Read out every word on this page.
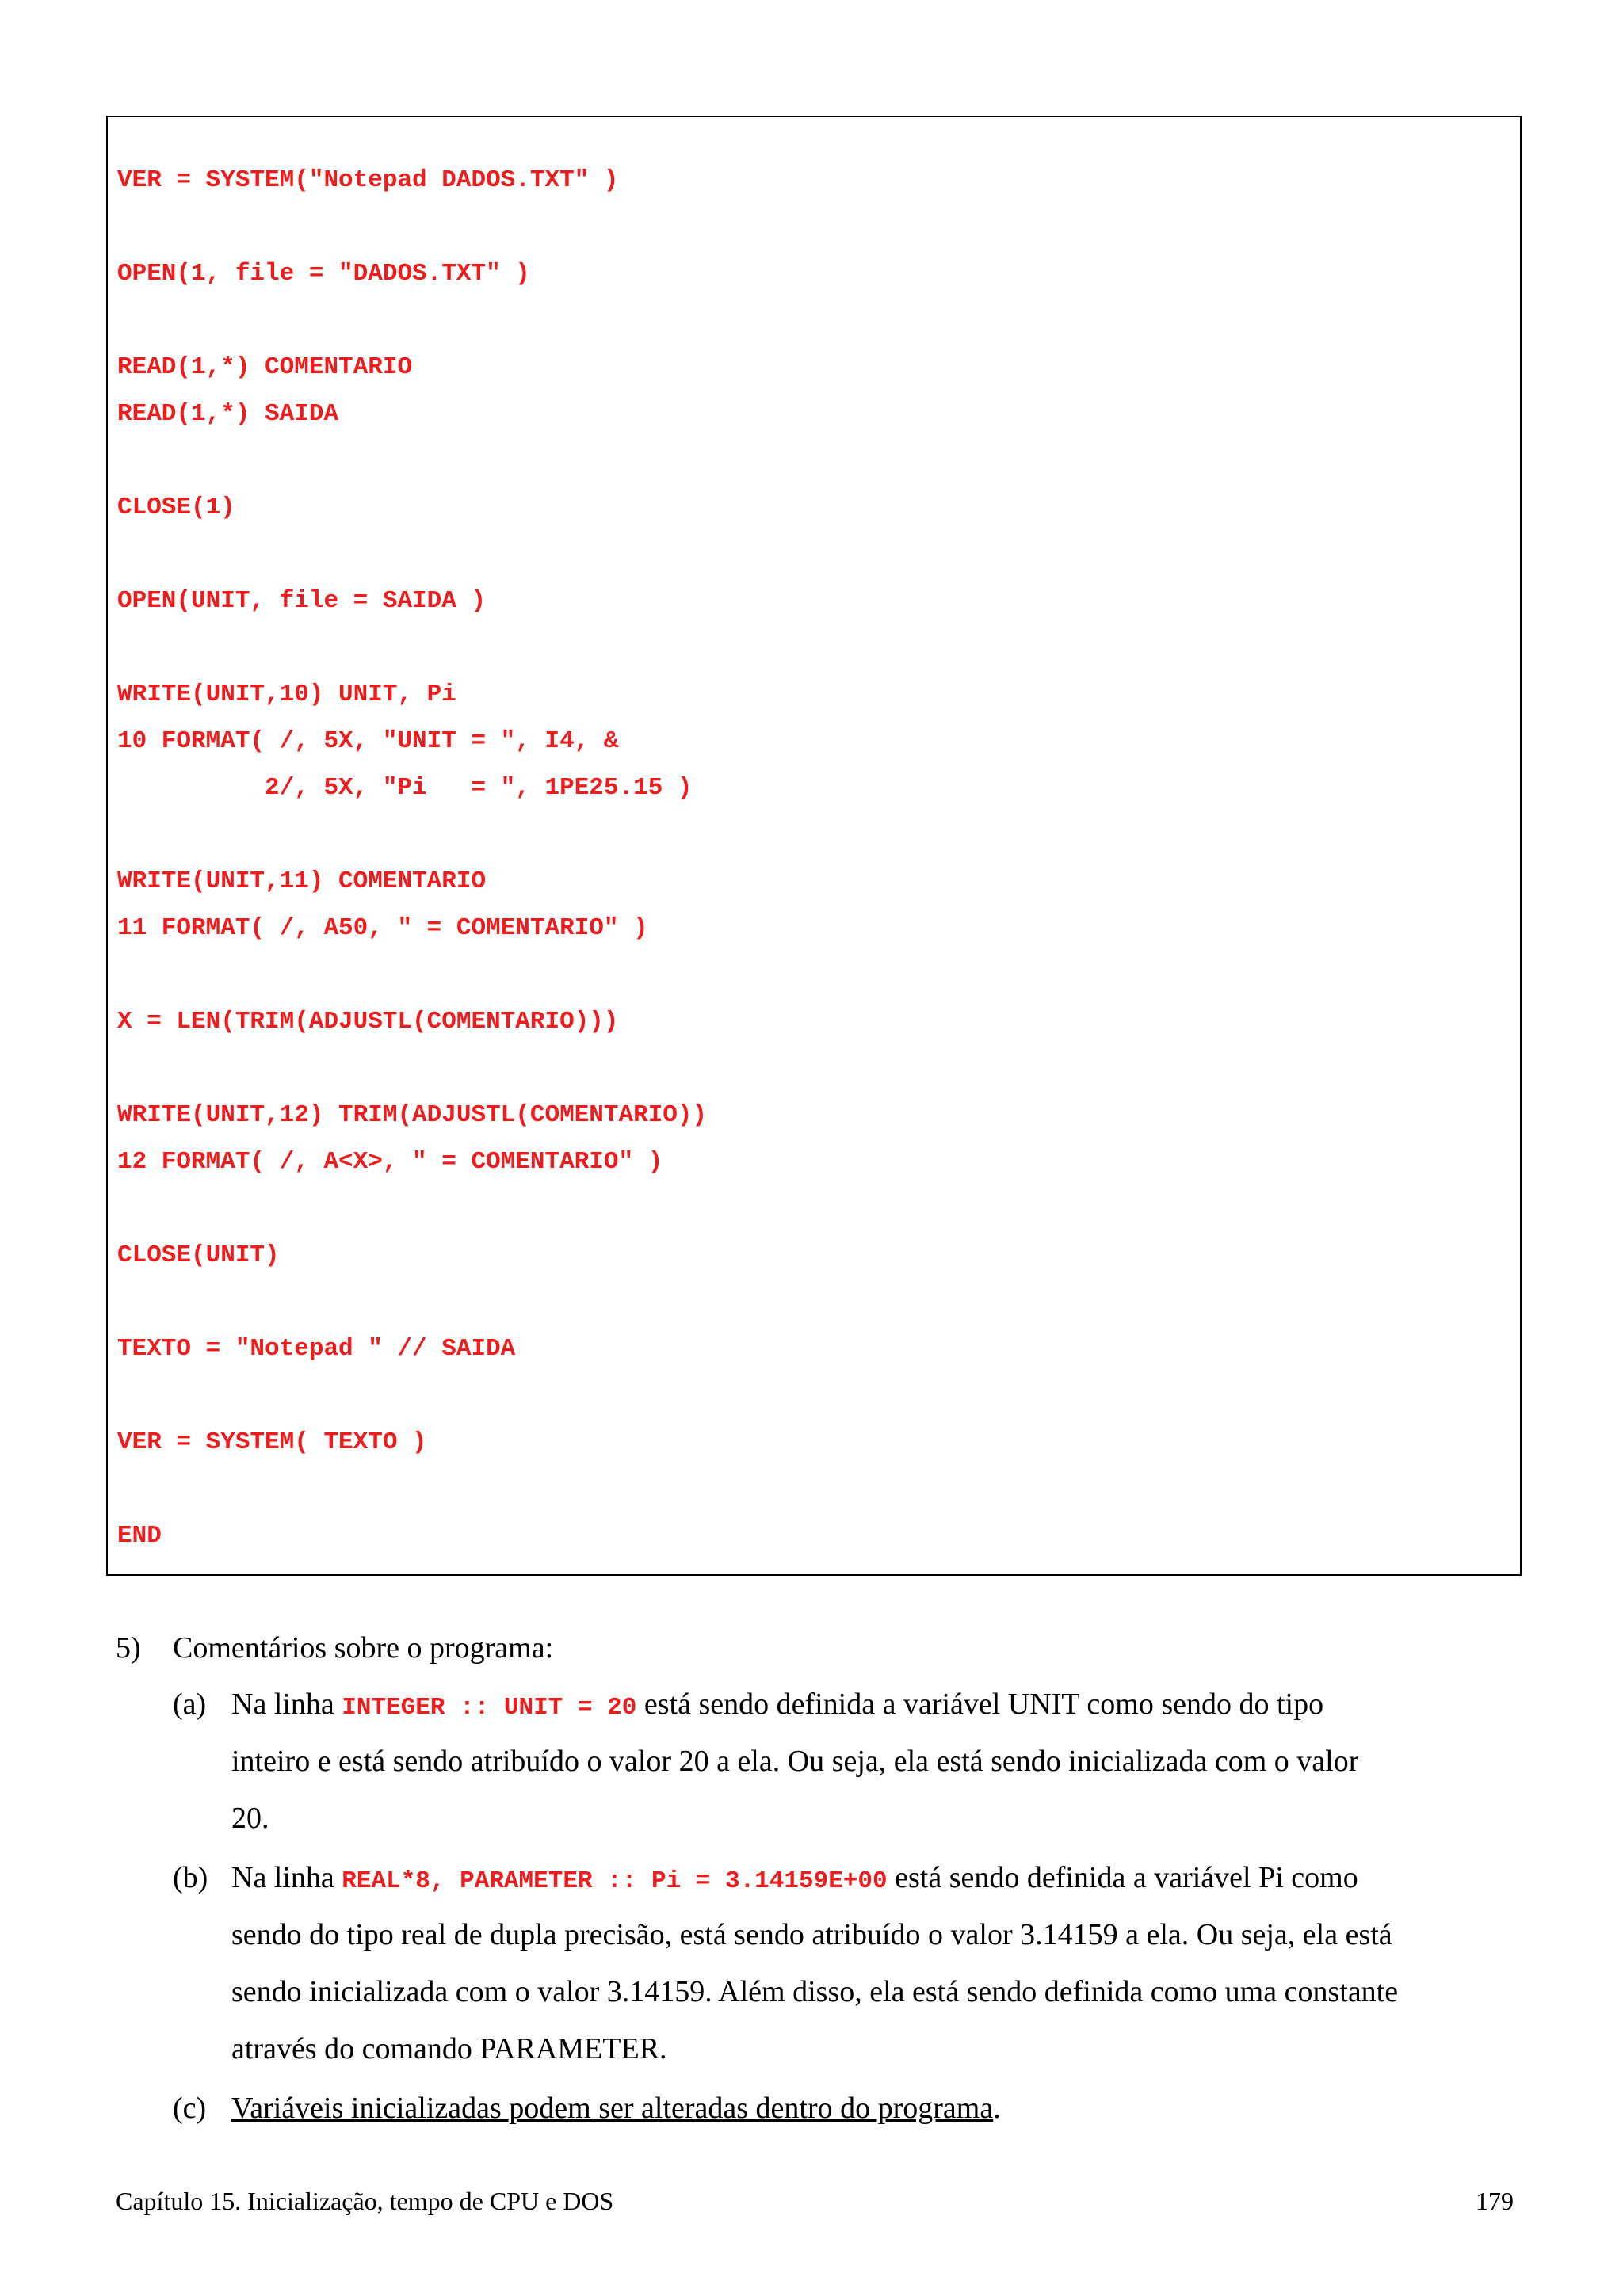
VER = SYSTEM("Notepad DADOS.TXT" )
OPEN(1, file = "DADOS.TXT" )
READ(1,*) COMENTARIO
READ(1,*) SAIDA
CLOSE(1)
OPEN(UNIT, file = SAIDA )
WRITE(UNIT,10) UNIT, Pi
10 FORMAT( /, 5X, "UNIT = ", I4, &
2/, 5X, "Pi   = ", 1PE25.15 )
WRITE(UNIT,11) COMENTARIO
11 FORMAT( /, A50, " = COMENTARIO" )
X = LEN(TRIM(ADJUSTL(COMENTARIO)))
WRITE(UNIT,12) TRIM(ADJUSTL(COMENTARIO))
12 FORMAT( /, A<X>, " = COMENTARIO" )
CLOSE(UNIT)
TEXTO = "Notepad " // SAIDA
VER = SYSTEM( TEXTO )
END
5) Comentários sobre o programa:
(a) Na linha INTEGER :: UNIT = 20 está sendo definida a variável UNIT como sendo do tipo
inteiro e está sendo atribuído o valor 20 a ela. Ou seja, ela está sendo inicializada com o valor
20.
(b) Na linha REAL*8, PARAMETER :: Pi = 3.14159E+00 está sendo definida a variável Pi como
sendo do tipo real de dupla precisão, está sendo atribuído o valor 3.14159 a ela. Ou seja, ela está
sendo inicializada com o valor 3.14159. Além disso, ela está sendo definida como uma constante
através do comando PARAMETER.
(c) Variáveis inicializadas podem ser alteradas dentro do programa.
Capítulo 15. Inicialização, tempo de CPU e DOS	179
